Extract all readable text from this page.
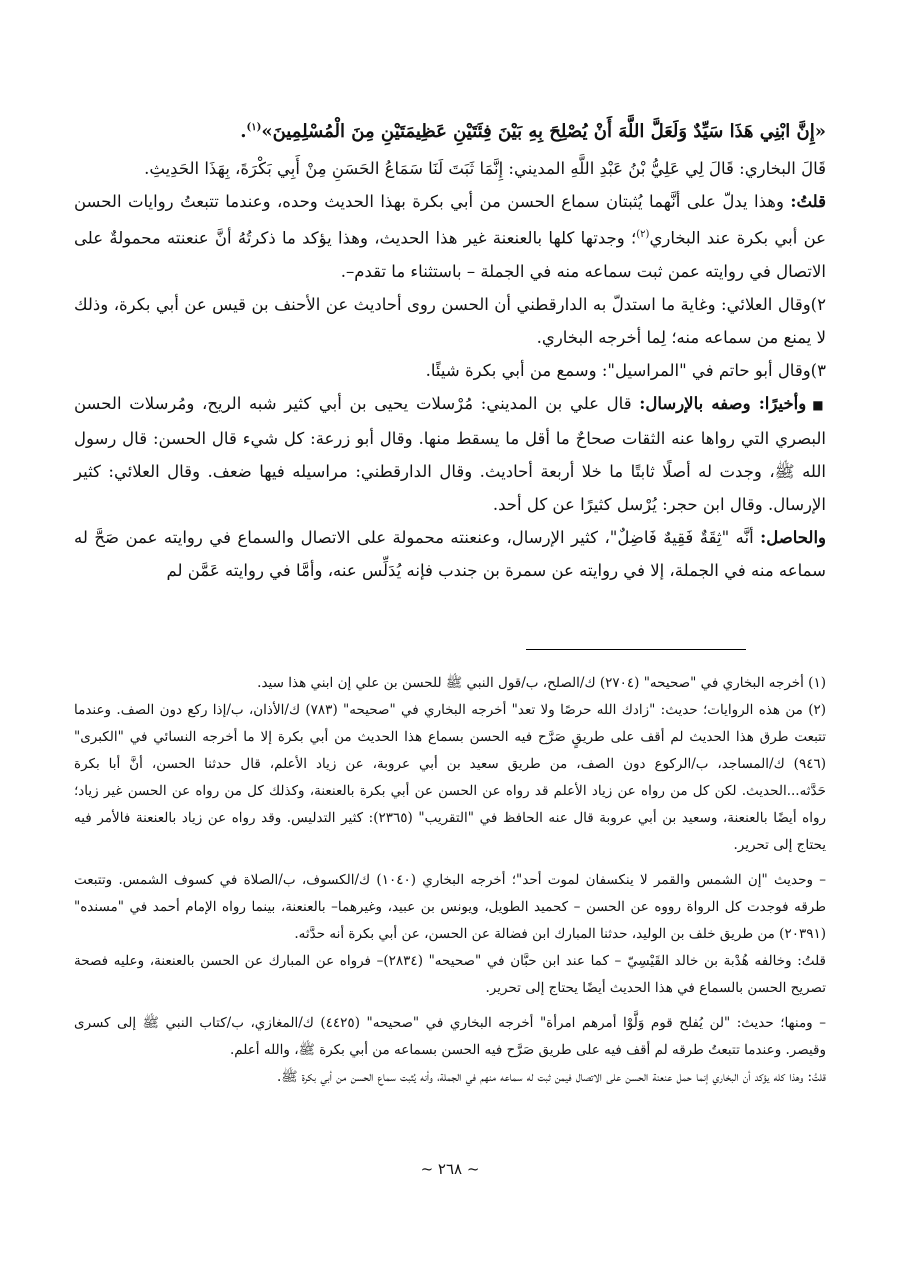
«إِنَّ ابْنِي هَذَا سَيِّدٌ وَلَعَلَّ اللَّهَ أَنْ يُصْلِحَ بِهِ بَيْنَ فِئَتَيْنِ عَظِيمَتَيْنِ مِنَ الْمُسْلِمِينَ»$^{(١)}$.

قَالَ البخاري: قَالَ لِي عَلِيُّ بْنُ عَبْدِ اللَّهِ المديني: إِنَّمَا ثَبَتَ لَنَا سَمَاعُ الحَسَنِ مِنْ أَبِي بَكْرَةَ، بِهَذَا الحَدِيثِ.

قلتُ: وهذا يدلّ على أنَّهما يُثبتان سماع الحسن من أبي بكرة بهذا الحديث وحده، وعندما تتبعتُ روايات الحسن عن أبي بكرة عند البخاري$^{(٢)}$؛ وجدتها كلها بالعنعنة غير هذا الحديث، وهذا يؤكد ما ذكرتُهُ أنَّ عنعنته محمولةٌ على الاتصال في روايته عمن ثبت سماعه منه في الجملة – باستثناء ما تقدم–.

٢)وقال العلائي: وغاية ما استدلّ به الدارقطني أن الحسن روى أحاديث عن الأحنف بن قيس عن أبي بكرة، وذلك لا يمنع من سماعه منه؛ لِما أخرجه البخاري.

٣)وقال أبو حاتم في "المراسيل": وسمع من أبي بكرة شيئًا.

■وأخيرًا: وصفه بالإرسال: قال علي بن المديني: مُرْسلات يحيى بن أبي كثير شبه الريح، ومُرسلات الحسن البصري التي رواها عنه الثقات صحاحٌ ما أقل ما يسقط منها. وقال أبو زرعة: كل شيء قال الحسن: قال رسول الله ﷺ، وجدت له أصلًا ثابتًا ما خلا أربعة أحاديث. وقال الدارقطني: مراسيله فيها ضعف. وقال العلائي: كثير الإرسال. وقال ابن حجر: يُرْسل كثيرًا عن كل أحد.

والحاصل: أنَّه "ثِقَةٌ فَقِيهٌ فَاضِلٌ"، كثير الإرسال، وعنعنته محمولة على الاتصال والسماع في روايته عمن صَحَّ له سماعه منه في الجملة، إلا في روايته عن سمرة بن جندب فإنه يُدَلِّس عنه، وأمَّا في روايته عَمَّن لم

(١) أخرجه البخاري في "صحيحه" (٢٧٠٤) ك/الصلح، ب/قول النبي ﷺ للحسن بن علي إن ابني هذا سيد.

(٢) من هذه الروايات؛ حديث: "زادك الله حرصًا ولا تعد" أخرجه البخاري في "صحيحه" (٧٨٣) ك/الأذان، ب/إذا ركع دون الصف. وعندما تتبعت طرق هذا الحديث لم أقف على طريقٍ صَرَّح فيه الحسن بسماع هذا الحديث من أبي بكرة إلا ما أخرجه النسائي في "الكبرى" (٩٤٦) ك/المساجد، ب/الركوع دون الصف، من طريق سعيد بن أبي عروبة، عن زياد الأعلم، قال حدثنا الحسن، أنَّ أبا بكرة حَدَّثه...الحديث. لكن كل من رواه عن زياد الأعلم قد رواه عن الحسن عن أبي بكرة بالعنعنة، وكذلك كل من رواه عن الحسن غير زياد؛ رواه أيضًا بالعنعنة، وسعيد بن أبي عروبة قال عنه الحافظ في "التقريب" (٢٣٦٥): كثير التدليس. وقد رواه عن زياد بالعنعنة فالأمر فيه يحتاج إلى تحرير.

– وحديث "إن الشمس والقمر لا ينكسفان لموت أحد"؛ أخرجه البخاري (١٠٤٠) ك/الكسوف، ب/الصلاة في كسوف الشمس. وتتبعت طرقه فوجدت كل الرواة رووه عن الحسن – كحميد الطويل، ويونس بن عبيد، وغيرهما– بالعنعنة، بينما رواه الإمام أحمد في "مسنده" (٢٠٣٩١) من طريق خلف بن الوليد، حدثنا المبارك ابن فضالة عن الحسن، عن أبي بكرة أنه حدَّثه.

قلتُ: وخالفه هُدْبة بن خالد القَيْسِيّ – كما عند ابن حبَّان في "صحيحه" (٢٨٣٤)– فرواه عن المبارك عن الحسن بالعنعنة، وعليه فصحة تصريح الحسن بالسماع في هذا الحديث أيضًا يحتاج إلى تحرير.

– ومنها؛ حديث: "لن يُفلح قوم وَلَّوْا أمرهم امرأة" أخرجه البخاري في "صحيحه" (٤٤٢٥) ك/المغازي، ب/كتاب النبي ﷺ إلى كسرى وقيصر. وعندما تتبعتُ طرقه لم أقف فيه على طريق صَرَّح فيه الحسن بسماعه من أبي بكرة ﷺ، والله أعلم.

قلتُ: وهذا كله يؤكد أن البخاري إنما حمل عنعنة الحسن على الاتصال فيمن ثبت له سماعه منهم في الجملة، وأنه يُثبت سماع الحسن من أبي بكرة ﷺ.

~ ٢٦٨ ~
